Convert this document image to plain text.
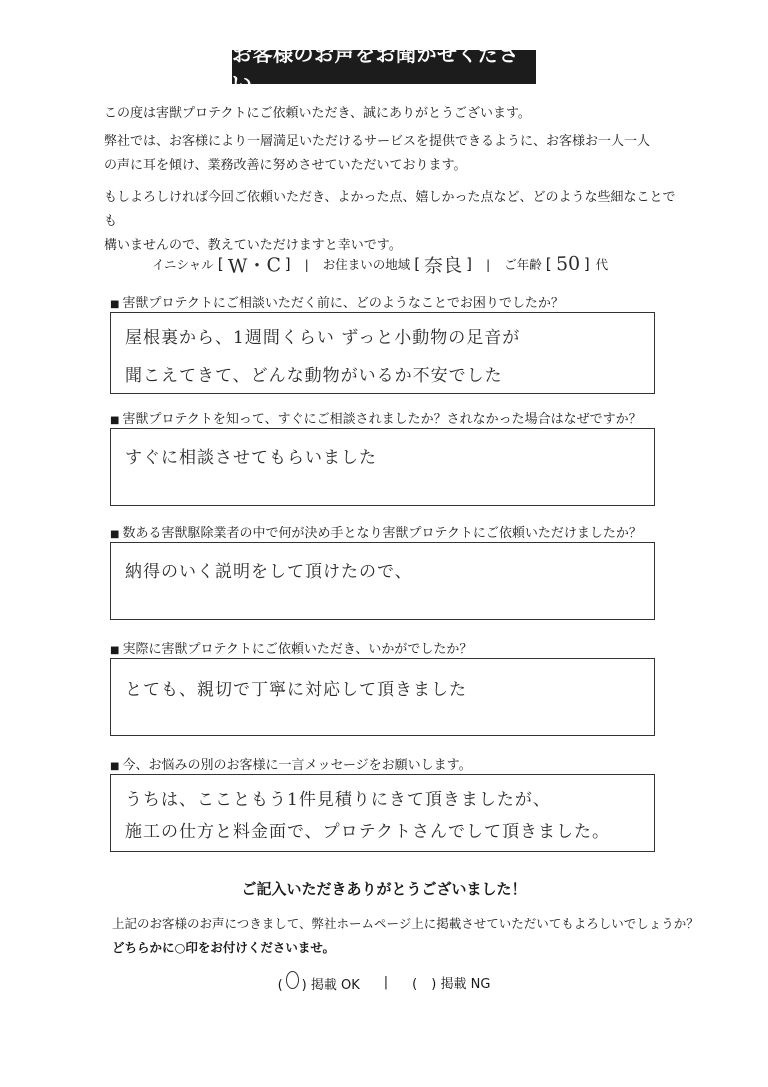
お客様のお声をお聞かせください

この度は害獣プロテクトにご依頼いただき、誠にありがとうございます。

弊社では、お客様により一層満足いただけるサービスを提供できるように、お客様お一人一人
の声に耳を傾け、業務改善に努めさせていただいております。
もしよろしければ今回ご依頼いただき、よかった点、嬉しかった点など、どのような些細なことでも
構いませんので、教えていただけますと幸いです。
イニシャル [ W・C ] | お住まいの地域 [ 奈良 ] | ご年齢 [ 50 ] 代
■ 害獣プロテクトにご相談いただく前に、どのようなことでお困りでしたか？
屋根裏から、1週間くらい ずっと小動物の足音が
聞こえてきて、どんな動物がいるか不安でした
■ 害獣プロテクトを知って、すぐにご相談されましたか？されなかった場合はなぜですか？
すぐに相談させてもらいました
■ 数ある害獣駆除業者の中で何が決め手となり害獣プロテクトにご依頼いただけましたか？
納得のいく説明をして頂けたので、
■ 実際に害獣プロテクトにご依頼いただき、いかがでしたか？
とても、親切で丁寧に対応して頂きました
■ 今、お悩みの別のお客様に一言メッセージをお願いします。
うちは、ここともう1件見積りにきて頂きましたが、
施工の仕方と料金面で、プロテクトさんでして頂きました。
ご記入いただきありがとうございました！
上記のお客様のお声につきまして、弊社ホームページ上に掲載させていただいてもよろしいでしょうか？
どちらかに○印をお付けくださいませ。
( ○ ) 掲載 OK | ( ) 掲載 NG
